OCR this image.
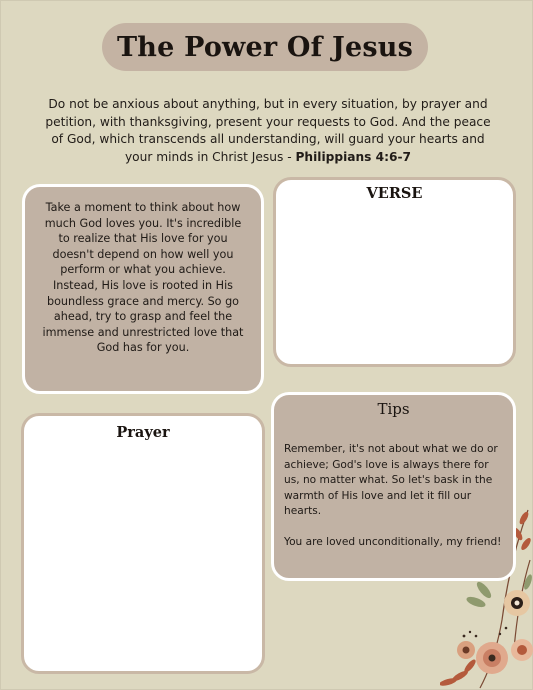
The Power Of Jesus
Do not be anxious about anything, but in every situation, by prayer and petition, with thanksgiving, present your requests to God. And the peace of God, which transcends all understanding, will guard your hearts and your minds in Christ Jesus - Philippians 4:6-7

Take a moment to think about how much God loves you. It's incredible to realize that His love for you doesn't depend on how well you perform or what you achieve. Instead, His love is rooted in His boundless grace and mercy. So go ahead, try to grasp and feel the immense and unrestricted love that God has for you.

VERSE
Prayer
Tips

Remember, it's not about what we do or achieve; God's love is always there for us, no matter what. So let's bask in the warmth of His love and let it fill our hearts.

You are loved unconditionally, my friend!
